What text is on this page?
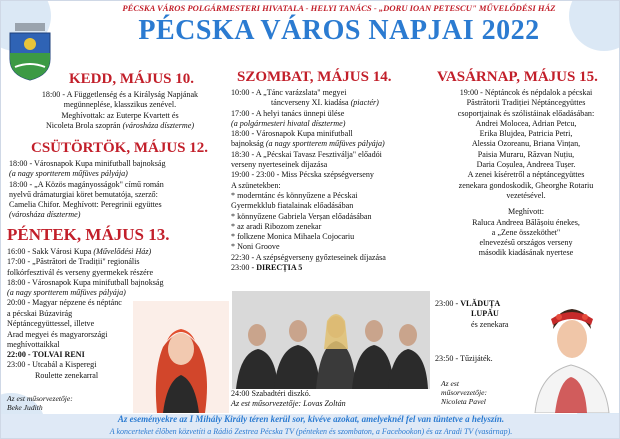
PÉCSKA VÁROS POLGÁRMESTERI HIVATALA - HELYI TANÁCS - „DORU IOAN PETESCU" MŰVELŐDÉSI HÁZ
PÉCSKA VÁROS NAPJAI 2022
KEDD, MÁJUS 10.

18:00 - A Függetlenség és a Királyság Napjának

megünneplése, klasszikus zenével.

Meghívottak: az Euterpe Kvartett és

Nicoleta Brola szoprán (városháza díszterme)

CSÜTÖRTÖK, MÁJUS 12.

18:00 - Városnapok Kupa minifutball bajnokság

(a nagy sportterem műfüves pályája)

18:00 - „A Közös magányosságok" című román

nyelvű drámaturgiai köret bemutatója, szerző:

Camelia Chifor. Meghívott: Peregrinii együttes

(városháza díszterme)

PÉNTEK, MÁJUS 13.

16:00 - Sakk Városi Kupa (Művelődési Ház)

17:00 - „Păstrători de Tradiții" regionális

folkórfesztivál és verseny gyermekek részére

18:00 - Városnapok Kupa minifutball bajnokság

(a nagy sportterem műfüves pályája)

20:00 - Magyar népzene és néptánc

a pécskai Búzavirág

Néptáncegyüttessel, illetve

Arad megyei és magyarországi

meghívottaikkal

22:00 - TOLVAI RENI

23:00 - Utcabál a Kisperegi

Roulette zenekarral

Az est műsorvezetője:

Beke Judith

SZOMBAT, MÁJUS 14.

10:00 - A „Tánc varázslata" megyei

táncverseny XI. kiadása (piactér)

17:00 - A helyi tanács ünnepi ülése

(a polgármesteri hivatal díszterme)

18:00 - Városnapok Kupa minifutball

bajnokság (a nagy sportterem műfüves pályája)

18:30 - A „Pécskai Tavasz Fesztiválja" előadói

verseny nyerteseinek díjazása

19:00 - 23:00 - Miss Pécska szépségverseny

A szünetekben:

* moderntánc és könnyűzene a Pécskai

Gyermekklub fiatalainak előadásában

* könnyűzene Gabriela Verșan előadásában

* az aradi Ribozom zenekar

* folkzene Monica Mihaela Cojocariu

* Noni Groove

22:30 - A szépségverseny győzteseinek díjazása

23:00 - DIRECȚIA 5

24:00 Szabadtéri diszkó.

Az est műsorvezetője: Lovas Zoltán

VASÁRNAP, MÁJUS 15.

19:00 - Néptáncok és népdalok a pécskai

Păstrătorii Tradiției Néptáncegyüttes

csoportjainak és szólistáinak előadásában:

Andrei Molocea, Adrian Petcu,

Erika Blujdea, Patricia Petri,

Alessia Ozoreanu, Briana Vințan,

Paisia Muraru, Răzvan Nuțiu,

Daria Coșulea, Andreea Tușer.

A zenei kíséretről a néptáncegyüttes

zenekara gondoskodik, Gheorghe Rotariu

vezetésével.

Meghívott:

Raluca Andreea Bălășoiu énekes,

a „Zene összeköthet"

elnevezésű országos verseny

második kiadásának nyertese

23:00 - VLĂDUȚA

LUPĂU

és zenekara

23:50 - Tűzijáték.

Az est

műsorvezetője:

Nicoleta Pavel

Az eseményekre az I Mihály Király téren kerül sor, kivéve azokat, amelyeknél fel van tüntetve a helyszín.
A koncerteket élőben közvetíti a Rádió Zestrea Pécska TV (pénteken és szombaton, a Facebookon) és az Aradi TV (vasárnap).
